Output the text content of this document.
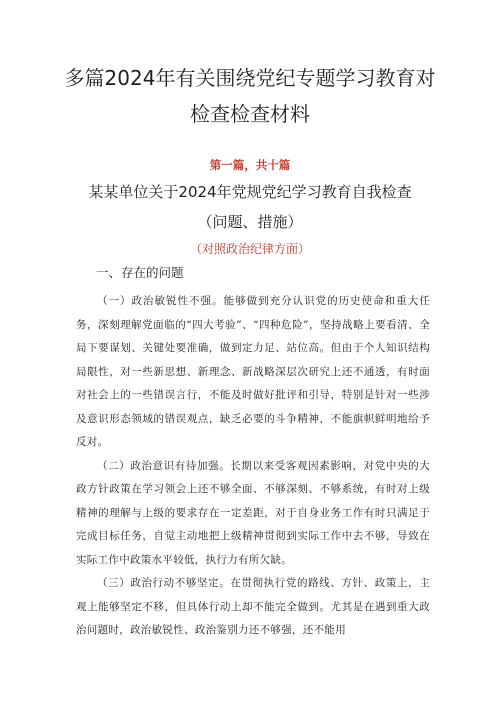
多篇2024年有关围绕党纪专题学习教育对检查检查材料
第一篇，共十篇
某某单位关于2024年党规党纪学习教育自我检查（问题、措施）
（对照政治纪律方面）
一、存在的问题

（一）政治敏锐性不强。能够做到充分认识党的历史使命和重大任务，深刻理解党面临的“四大考验”、“四种危险”，坚持战略上要看清、全局下要谋划、关键处要准确，做到定力足、站位高。但由于个人知识结构局限性，对一些新思想、新理念、新战略深层次研究上还不通透，有时面对社会上的一些错误言行，不能及时做好批评和引导，特别是针对一些涉及意识形态领域的错误观点，缺乏必要的斗争精神，不能旗帜鲜明地给予反对。

（二）政治意识有待加强。长期以来受客观因素影响，对党中央的大政方针政策在学习领会上还不够全面、不够深刻、不够系统，有时对上级精神的理解与上级的要求存在一定差距，对于自身业务工作有时只满足于完成目标任务，自觉主动地把上级精神贯彻到实际工作中去不够，导致在实际工作中政策水平较低，执行力有所欠缺。

（三）政治行动不够坚定。在贯彻执行党的路线、方针、政策上，主观上能够坚定不移，但具体行动上却不能完全做到。尤其是在遇到重大政治问题时，政治敏锐性、政治鉴别力还不够强，还不能用
